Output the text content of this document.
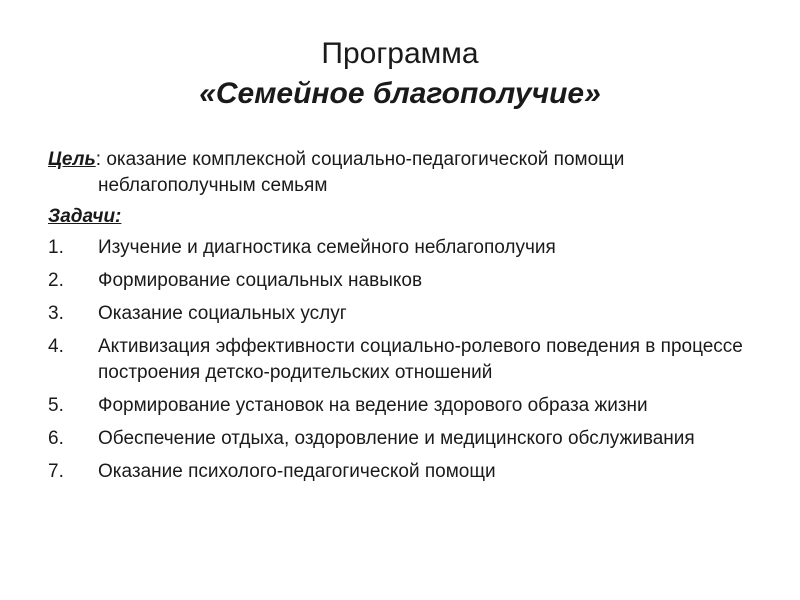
Программа

«Семейное благополучие»

Цель: оказание комплексной социально-педагогической помощи
неблагополучным семьям

Задачи:
1. Изучение и диагностика семейного неблагополучия
2. Формирование социальных навыков
3. Оказание социальных услуг
4. Активизация эффективности социально-ролевого поведения в процессе построения детско-родительских отношений
5. Формирование установок на ведение здорового образа жизни
6. Обеспечение отдыха, оздоровление и медицинского обслуживания
7. Оказание психолого-педагогической помощи
